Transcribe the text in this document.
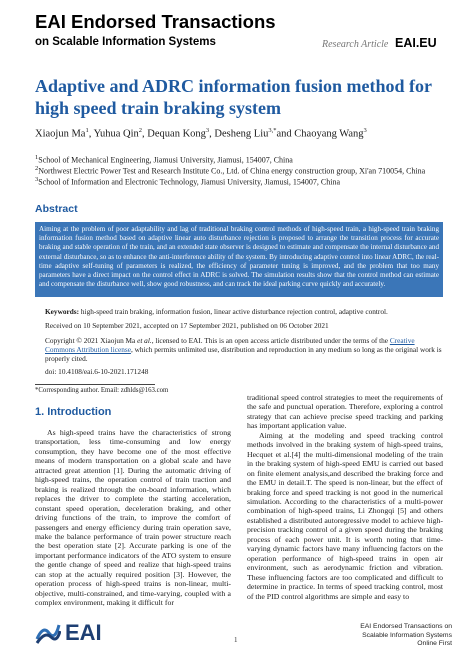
EAI Endorsed Transactions
on Scalable Information Systems	Research Article EAI.EU
Adaptive and ADRC information fusion method for high speed train braking system
Xiaojun Ma$^1$, Yuhua Qin$^2$, Dequan Kong$^3$, Desheng Liu$^{3,*}$and Chaoyang Wang$^3$
$^1$School of Mechanical Engineering, Jiamusi University, Jiamusi, 154007, China
$^2$Northwest Electric Power Test and Research Institute Co., Ltd. of China energy construction group, Xi'an 710054, China
$^3$School of Information and Electronic Technology, Jiamusi University, Jiamusi, 154007, China
Abstract
Aiming at the problem of poor adaptability and lag of traditional braking control methods of high-speed train, a high-speed train braking information fusion method based on adaptive linear auto disturbance rejection is proposed to arrange the transition process for accurate braking and stable operation of the train, and an extended state observer is designed to estimate and compensate the internal disturbance and external disturbance, so as to enhance the anti-interference ability of the system. By introducing adaptive control into linear ADRC, the real-time adaptive self-tuning of parameters is realized, the efficiency of parameter tuning is improved, and the problem that too many parameters have a direct impact on the control effect in ADRC is solved. The simulation results show that the control method can estimate and compensate the disturbance well, show good robustness, and can track the ideal parking curve quickly and accurately.
Keywords: high-speed train braking, information fusion, linear active disturbance rejection control, adaptive control.
Received on 10 September 2021, accepted on 17 September 2021, published on 06 October 2021
Copyright © 2021 Xiaojun Ma et al., licensed to EAI. This is an open access article distributed under the terms of the Creative Commons Attribution license, which permits unlimited use, distribution and reproduction in any medium so long as the original work is properly cited.
doi: 10.4108/eai.6-10-2021.171248
*Corresponding author. Email: zdhlds@163.com
1. Introduction

As high-speed trains have the characteristics of strong transportation, less time-consuming and low energy consumption, they have become one of the most effective means of modern transportation on a global scale and have attracted great attention [1]. During the automatic driving of high-speed trains, the operation control of train traction and braking is realized through the on-board information, which replaces the driver to complete the starting acceleration, constant speed operation, deceleration braking, and other driving functions of the train, to improve the comfort of passengers and energy efficiency during train operation save, make the balance performance of train power structure reach the best operation state [2]. Accurate parking is one of the important performance indicators of the ATO system to ensure the gentle change of speed and realize that high-speed trains can stop at the actually required position [3]. However, the operation process of high-speed trains is non-linear, multi-objective, multi-constrained, and time-varying, coupled with a complex environment, making it difficult for

traditional speed control strategies to meet the requirements of the safe and punctual operation. Therefore, exploring a control strategy that can achieve precise speed tracking and parking has important application value.

Aiming at the modeling and speed tracking control methods involved in the braking system of high-speed trains, Hecquet et al.[4] the multi-dimensional modeling of the train in the braking system of high-speed EMU is carried out based on finite element analysis,and described the braking force and the EMU in detail.T. The speed is non-linear, but the effect of braking force and speed tracking is not good in the numerical simulation. According to the characteristics of a multi-power combination of high-speed trains, Li Zhongqi [5] and others established a distributed autoregressive model to achieve high-precision tracking control of a given speed during the braking process of each power unit. It is worth noting that time-varying dynamic factors have many influencing factors on the operation performance of high-speed trains in open air environment, such as aerodynamic friction and vibration. These influencing factors are too complicated and difficult to determine in practice. In terms of speed tracking control, most of the PID control algorithms are simple and easy to

EAI	1
EAI Endorsed Transactions on
Scalable Information Systems
Online First
